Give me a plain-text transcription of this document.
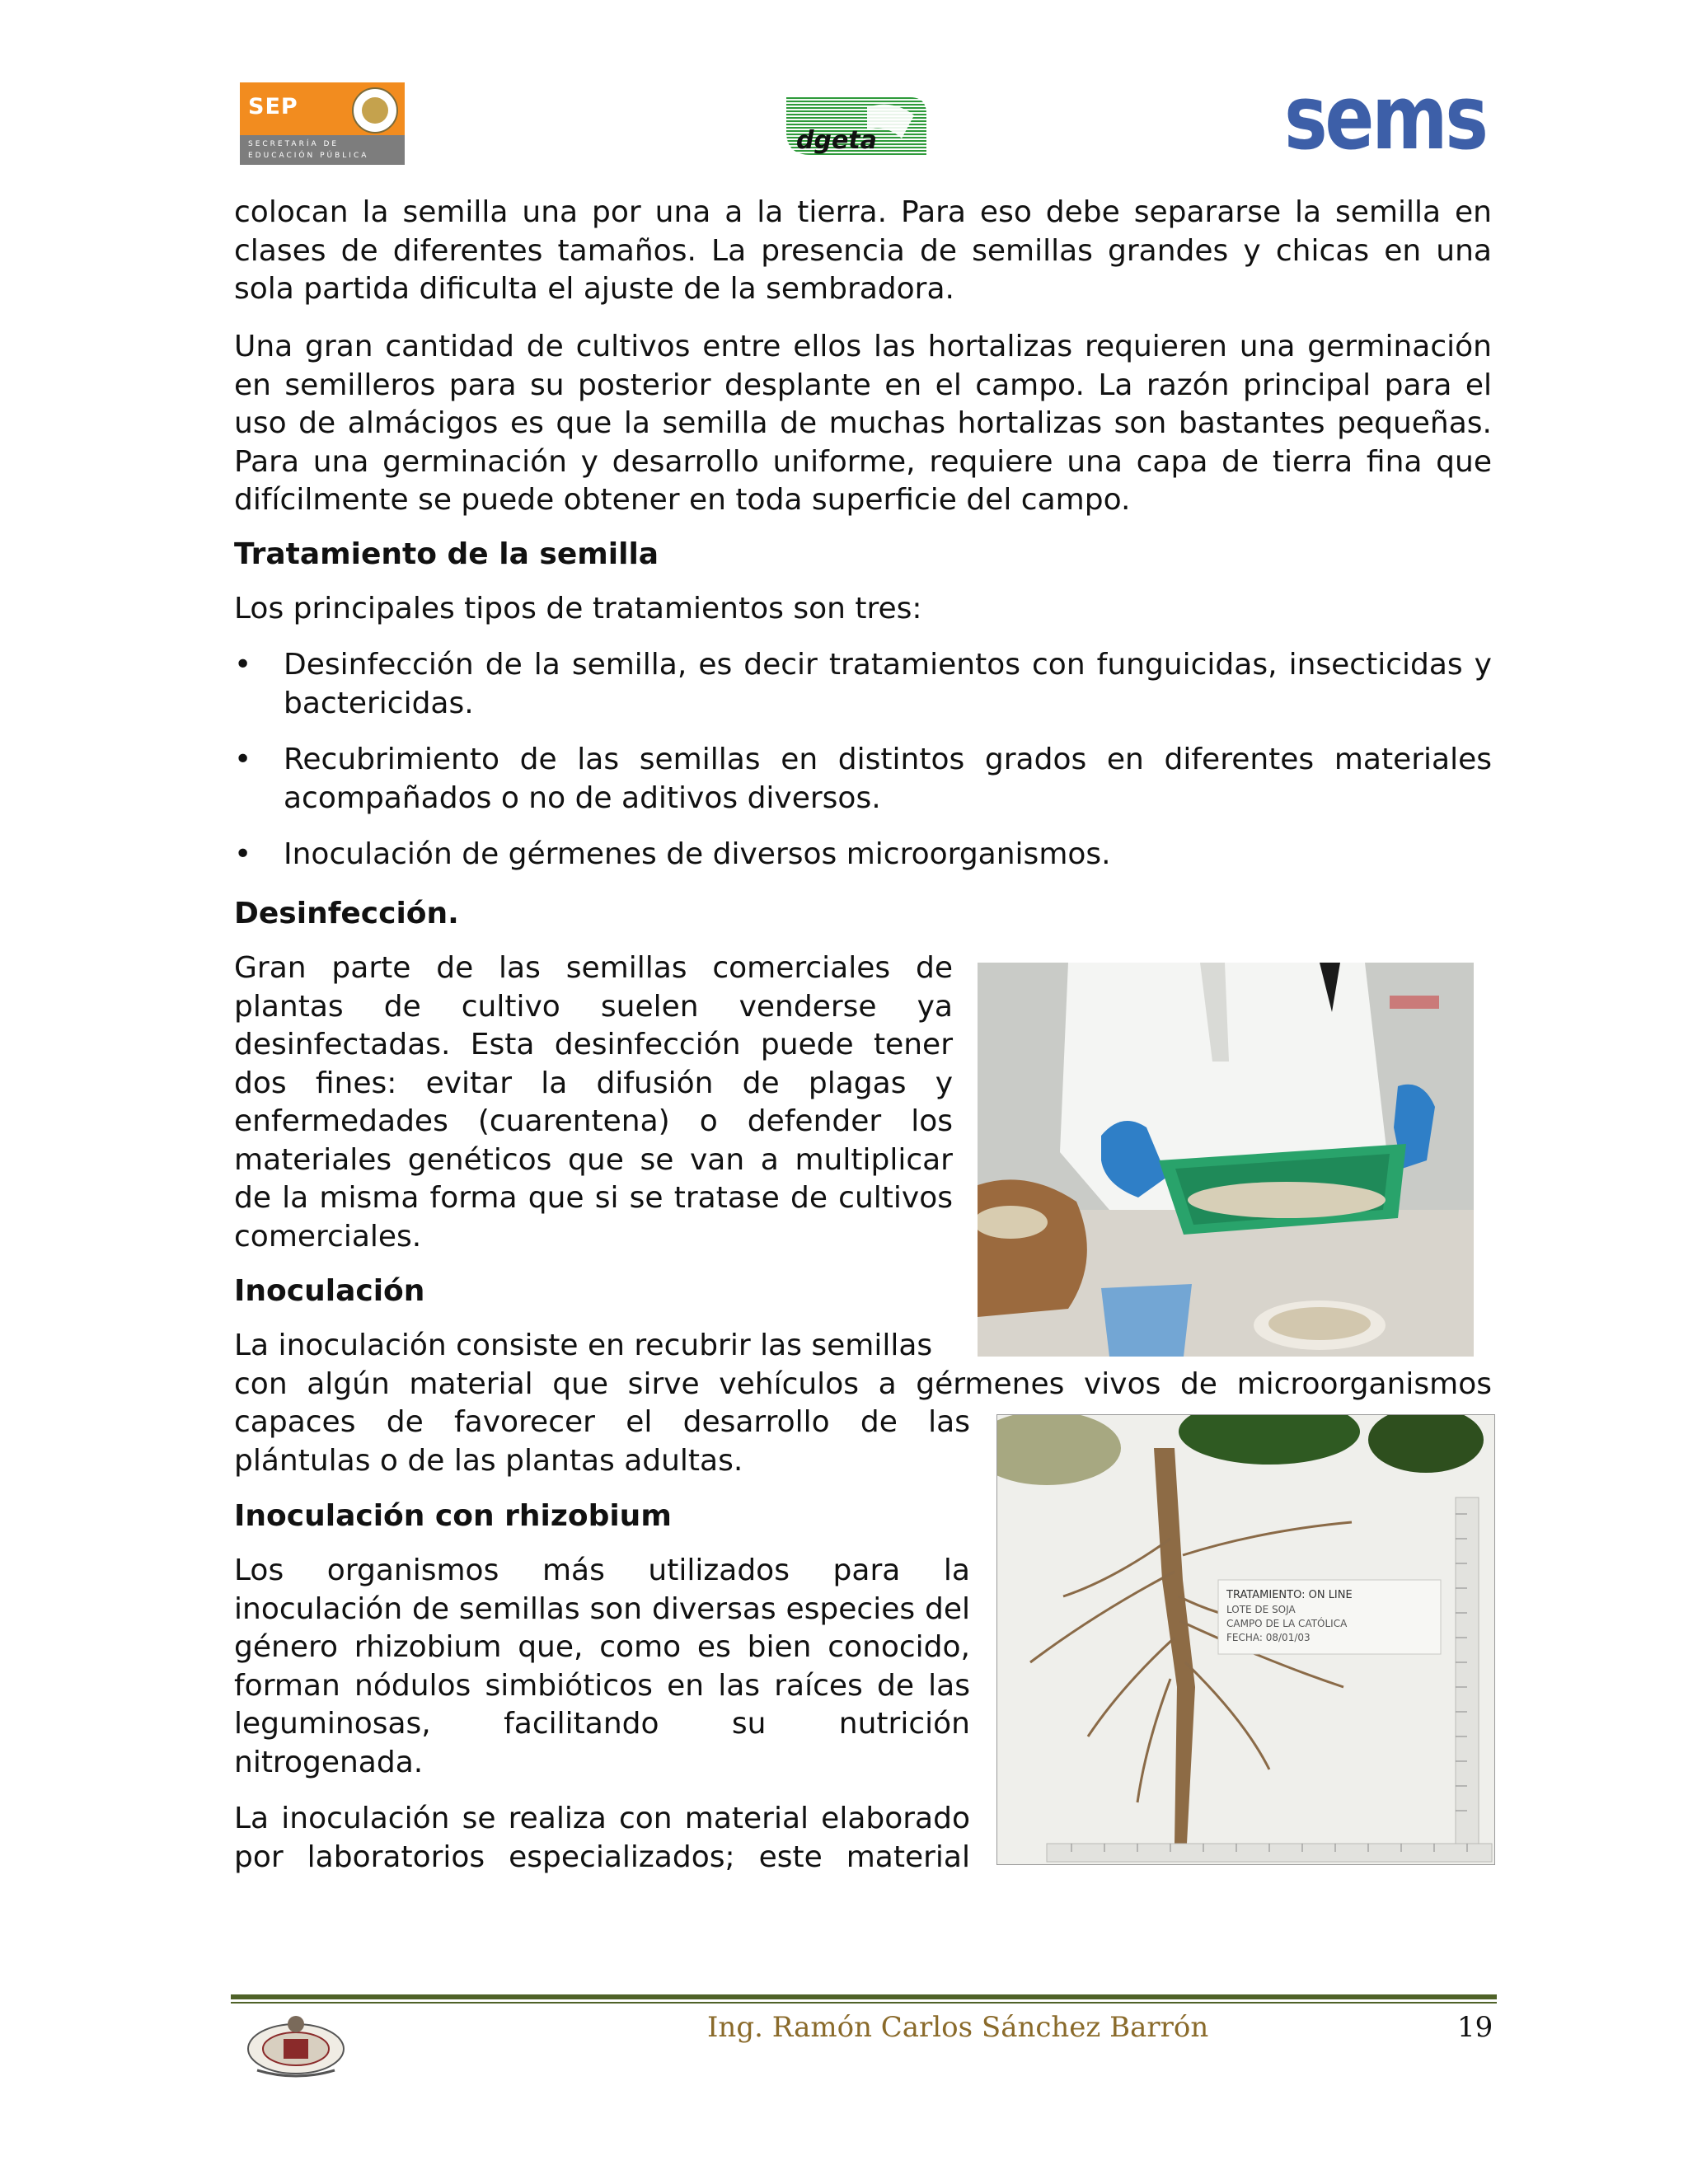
SEP
SECRETARÍA DE
EDUCACIÓN PÚBLICA
dgeta	sems

colocan la semilla una por una a la tierra. Para eso debe separarse la semilla en clases de diferentes tamaños. La presencia de semillas grandes y chicas en una sola partida dificulta el ajuste de la sembradora.

Una gran cantidad de cultivos entre ellos las hortalizas requieren una germinación en semilleros para su posterior desplante en el campo. La razón principal para el uso de almácigos es que la semilla de muchas hortalizas son bastantes pequeñas. Para una germinación y desarrollo uniforme, requiere una capa de tierra fina que difícilmente se puede obtener en toda superficie del campo.

Tratamiento de la semilla

Los principales tipos de tratamientos son tres:

• Desinfección de la semilla, es decir tratamientos con funguicidas, insecticidas y bactericidas.
• Recubrimiento de las semillas en distintos grados en diferentes materiales acompañados o no de aditivos diversos.
• Inoculación de gérmenes de diversos microorganismos.
Desinfección.

Gran parte de las semillas comerciales de plantas de cultivo suelen venderse ya desinfectadas. Esta desinfección puede tener dos fines: evitar la difusión de plagas y enfermedades (cuarentena) o defender los materiales genéticos que se van a multiplicar de la misma forma que si se tratase de cultivos comerciales.

Inoculación

La inoculación consiste en recubrir las semillas

con algún material que sirve vehículos a gérmenes vivos de microorganismos

capaces de favorecer el desarrollo de las plántulas o de las plantas adultas.

Inoculación con rhizobium

Los organismos más utilizados para la inoculación de semillas son diversas especies del género rhizobium que, como es bien conocido, forman nódulos simbióticos en las raíces de las leguminosas, facilitando su nutrición nitrogenada.

La inoculación se realiza con material elaborado por laboratorios especializados; este material

TRATAMIENTO: ON LINE
LOTE DE SOJA
CAMPO DE LA CATÓLICA
FECHA: 08/01/03
Ing. Ramón Carlos Sánchez Barrón	19
